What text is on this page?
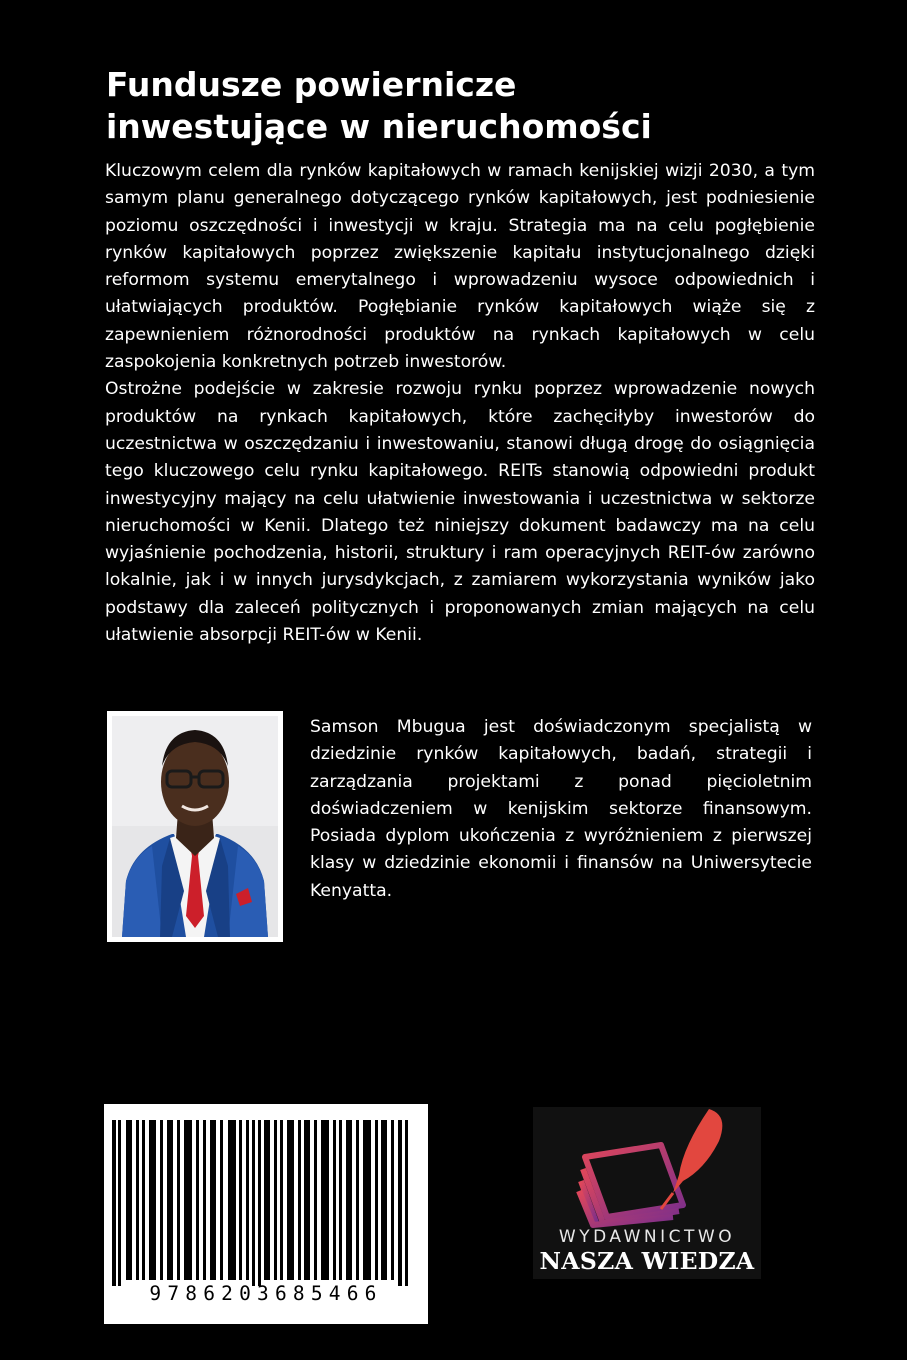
Fundusze powiernicze
inwestujące w nieruchomości

Kluczowym celem dla rynków kapitałowych w ramach kenijskiej wizji 2030, a tym samym planu generalnego dotyczącego rynków kapitałowych, jest podniesienie poziomu oszczędności i inwestycji w kraju. Strategia ma na celu pogłębienie rynków kapitałowych poprzez zwiększenie kapitału instytucjonalnego dzięki reformom systemu emerytalnego i wprowadzeniu wysoce odpowiednich i ułatwiających produktów. Pogłębianie rynków kapitałowych wiąże się z zapewnieniem różnorodności produktów na rynkach kapitałowych w celu zaspokojenia konkretnych potrzeb inwestorów.

Ostrożne podejście w zakresie rozwoju rynku poprzez wprowadzenie nowych produktów na rynkach kapitałowych, które zachęciłyby inwestorów do uczestnictwa w oszczędzaniu i inwestowaniu, stanowi długą drogę do osiągnięcia tego kluczowego celu rynku kapitałowego. REITs stanowią odpowiedni produkt inwestycyjny mający na celu ułatwienie inwestowania i uczestnictwa w sektorze nieruchomości w Kenii. Dlatego też niniejszy dokument badawczy ma na celu wyjaśnienie pochodzenia, historii, struktury i ram operacyjnych REIT-ów zarówno lokalnie, jak i w innych jurysdykcjach, z zamiarem wykorzystania wyników jako podstawy dla zaleceń politycznych i proponowanych zmian mających na celu ułatwienie absorpcji REIT-ów w Kenii.

Samson Mbugua jest doświadczonym specjalistą w dziedzinie rynków kapitałowych, badań, strategii i zarządzania projektami z ponad pięcioletnim doświadczeniem w kenijskim sektorze finansowym. Posiada dyplom ukończenia z wyróżnieniem z pierwszej klasy w dziedzinie ekonomii i finansów na Uniwersytecie Kenyatta.

9786203685466
WYDAWNICTWO
NASZA WIEDZA
